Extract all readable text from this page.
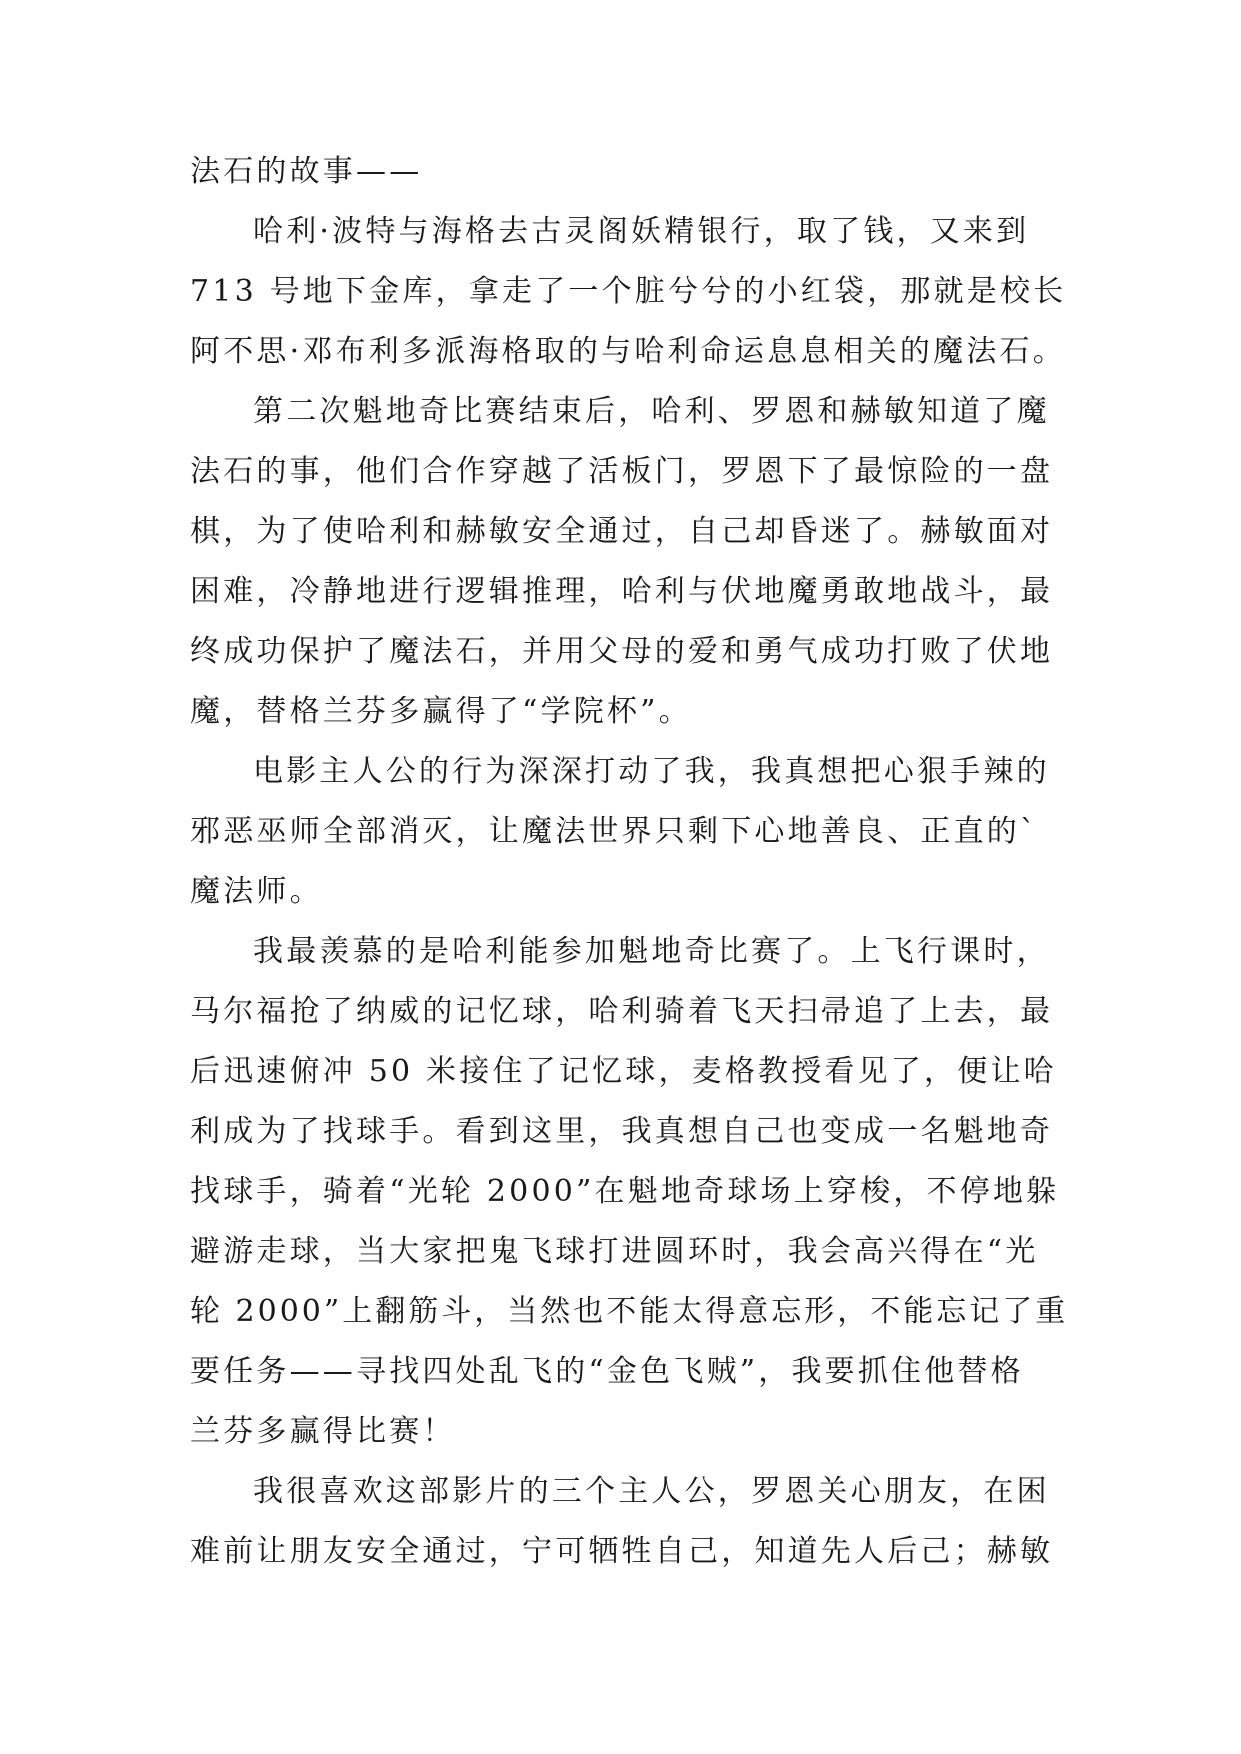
法石的故事——
哈利·波特与海格去古灵阁妖精银行，取了钱，又来到
713 号地下金库，拿走了一个脏兮兮的小红袋，那就是校长
阿不思·邓布利多派海格取的与哈利命运息息相关的魔法石。
第二次魁地奇比赛结束后，哈利、罗恩和赫敏知道了魔
法石的事，他们合作穿越了活板门，罗恩下了最惊险的一盘
棋，为了使哈利和赫敏安全通过，自己却昏迷了。赫敏面对
困难，冷静地进行逻辑推理，哈利与伏地魔勇敢地战斗，最
终成功保护了魔法石，并用父母的爱和勇气成功打败了伏地
魔，替格兰芬多赢得了“学院杯”。
电影主人公的行为深深打动了我，我真想把心狠手辣的
邪恶巫师全部消灭，让魔法世界只剩下心地善良、正直的`
魔法师。
我最羡慕的是哈利能参加魁地奇比赛了。上飞行课时，
马尔福抢了纳威的记忆球，哈利骑着飞天扫帚追了上去，最
后迅速俯冲 50 米接住了记忆球，麦格教授看见了，便让哈
利成为了找球手。看到这里，我真想自己也变成一名魁地奇
找球手，骑着“光轮 2000”在魁地奇球场上穿梭，不停地躲
避游走球，当大家把鬼飞球打进圆环时，我会高兴得在“光
轮 2000”上翻筋斗，当然也不能太得意忘形，不能忘记了重
要任务——寻找四处乱飞的“金色飞贼”，我要抓住他替格
兰芬多赢得比赛！
我很喜欢这部影片的三个主人公，罗恩关心朋友，在困
难前让朋友安全通过，宁可牺牲自己，知道先人后己；赫敏
